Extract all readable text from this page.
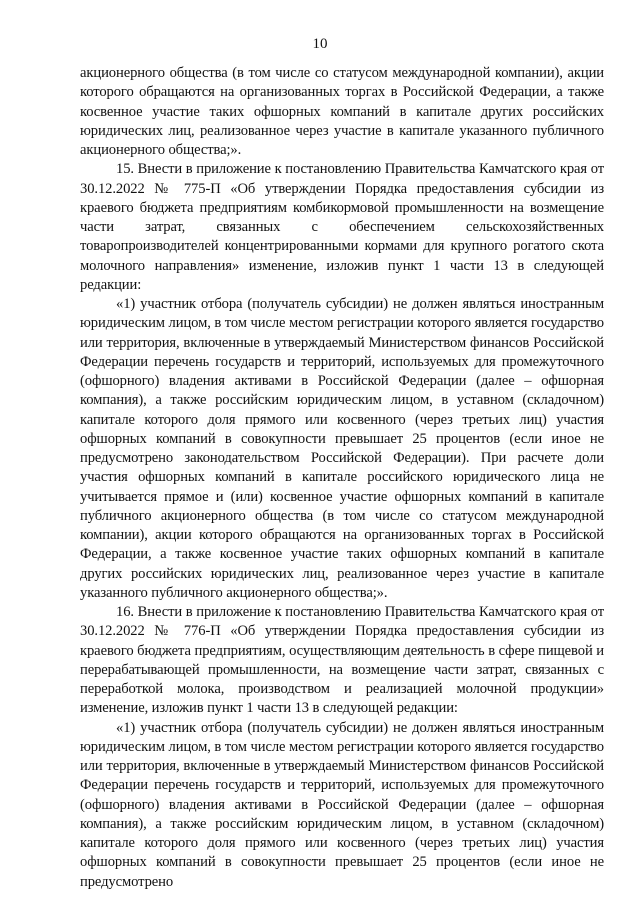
10

акционерного общества (в том числе со статусом международной компании), акции которого обращаются на организованных торгах в Российской Федерации, а также косвенное участие таких офшорных компаний в капитале других российских юридических лиц, реализованное через участие в капитале указанного публичного акционерного общества;».

15. Внести в приложение к постановлению Правительства Камчатского края от 30.12.2022 № 775-П «Об утверждении Порядка предоставления субсидии из краевого бюджета предприятиям комбикормовой промышленности на возмещение части затрат, связанных с обеспечением сельскохозяйственных товаропроизводителей концентрированными кормами для крупного рогатого скота молочного направления» изменение, изложив пункт 1 части 13 в следующей редакции:

«1) участник отбора (получатель субсидии) не должен являться иностранным юридическим лицом, в том числе местом регистрации которого является государство или территория, включенные в утверждаемый Министерством финансов Российской Федерации перечень государств и территорий, используемых для промежуточного (офшорного) владения активами в Российской Федерации (далее – офшорная компания), а также российским юридическим лицом, в уставном (складочном) капитале которого доля прямого или косвенного (через третьих лиц) участия офшорных компаний в совокупности превышает 25 процентов (если иное не предусмотрено законодательством Российской Федерации). При расчете доли участия офшорных компаний в капитале российского юридического лица не учитывается прямое и (или) косвенное участие офшорных компаний в капитале публичного акционерного общества (в том числе со статусом международной компании), акции которого обращаются на организованных торгах в Российской Федерации, а также косвенное участие таких офшорных компаний в капитале других российских юридических лиц, реализованное через участие в капитале указанного публичного акционерного общества;».

16. Внести в приложение к постановлению Правительства Камчатского края от 30.12.2022 № 776-П «Об утверждении Порядка предоставления субсидии из краевого бюджета предприятиям, осуществляющим деятельность в сфере пищевой и перерабатывающей промышленности, на возмещение части затрат, связанных с переработкой молока, производством и реализацией молочной продукции» изменение, изложив пункт 1 части 13 в следующей редакции:

«1) участник отбора (получатель субсидии) не должен являться иностранным юридическим лицом, в том числе местом регистрации которого является государство или территория, включенные в утверждаемый Министерством финансов Российской Федерации перечень государств и территорий, используемых для промежуточного (офшорного) владения активами в Российской Федерации (далее – офшорная компания), а также российским юридическим лицом, в уставном (складочном) капитале которого доля прямого или косвенного (через третьих лиц) участия офшорных компаний в совокупности превышает 25 процентов (если иное не предусмотрено
